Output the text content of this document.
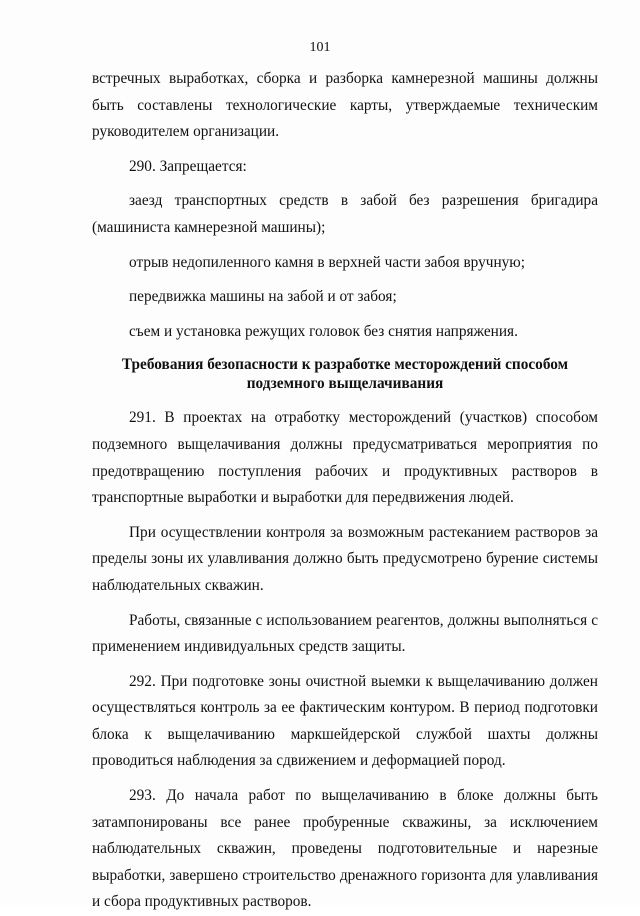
101

встречных выработках, сборка и разборка камнерезной машины должны быть составлены технологические карты, утверждаемые техническим руководителем организации.

290. Запрещается:

заезд транспортных средств в забой без разрешения бригадира (машиниста камнерезной машины);

отрыв недопиленного камня в верхней части забоя вручную;

передвижка машины на забой и от забоя;

съем и установка режущих головок без снятия напряжения.

Требования безопасности к разработке месторождений способом подземного выщелачивания

291. В проектах на отработку месторождений (участков) способом подземного выщелачивания должны предусматриваться мероприятия по предотвращению поступления рабочих и продуктивных растворов в транспортные выработки и выработки для передвижения людей.

При осуществлении контроля за возможным растеканием растворов за пределы зоны их улавливания должно быть предусмотрено бурение системы наблюдательных скважин.

Работы, связанные с использованием реагентов, должны выполняться с применением индивидуальных средств защиты.

292. При подготовке зоны очистной выемки к выщелачиванию должен осуществляться контроль за ее фактическим контуром. В период подготовки блока к выщелачиванию маркшейдерской службой шахты должны проводиться наблюдения за сдвижением и деформацией пород.

293. До начала работ по выщелачиванию в блоке должны быть затампонированы все ранее пробуренные скважины, за исключением наблюдательных скважин, проведены подготовительные и нарезные выработки, завершено строительство дренажного горизонта для улавливания и сбора продуктивных растворов.
